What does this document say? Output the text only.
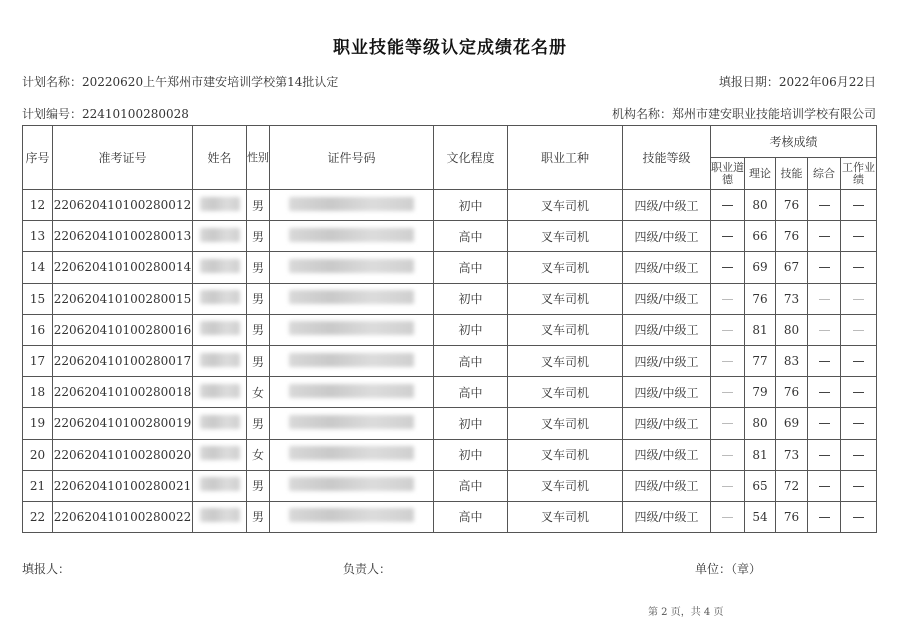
职业技能等级认定成绩花名册
计划名称：20220620上午郑州市建安培训学校第14批认定	填报日期：2022年06月22日
计划编号：22410100280028	机构名称：郑州市建安职业技能培训学校有限公司
序号	准考证号	姓名	性别	证件号码	文化程度	职业工种	技能等级	考核成绩				
								职业道德	理论	技能	综合	工作业绩
12	220620410100280012		男		初中	叉车司机	四级/中级工		80	76		
13	220620410100280013		男		高中	叉车司机	四级/中级工		66	76		
14	220620410100280014		男		高中	叉车司机	四级/中级工		69	67		
15	220620410100280015		男		初中	叉车司机	四级/中级工		76	73		
16	220620410100280016		男		初中	叉车司机	四级/中级工		81	80		
17	220620410100280017		男		高中	叉车司机	四级/中级工		77	83		
18	220620410100280018		女		高中	叉车司机	四级/中级工		79	76		
19	220620410100280019		男		初中	叉车司机	四级/中级工		80	69		
20	220620410100280020		女		初中	叉车司机	四级/中级工		81	73		
21	220620410100280021		男		高中	叉车司机	四级/中级工		65	72		
22	220620410100280022		男		高中	叉车司机	四级/中级工		54	76		
填报人：	负责人：	单位：（章）
第 2 页，共 4 页
